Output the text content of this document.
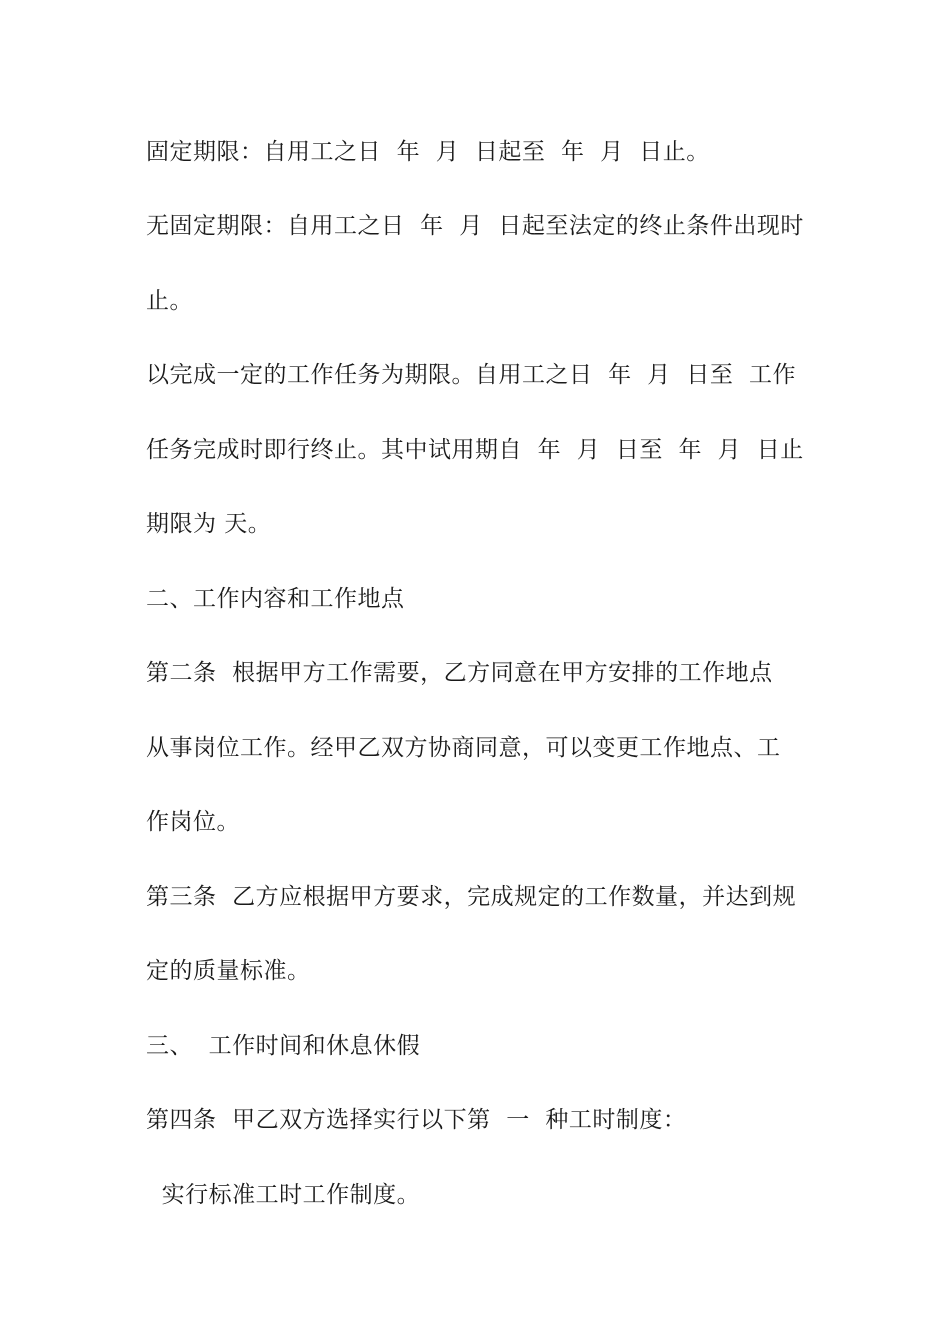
固定期限：自用工之日  年  月  日起至  年  月  日止。
无固定期限：自用工之日  年  月  日起至法定的终止条件出现时
止。
以完成一定的工作任务为期限。自用工之日  年  月  日至  工作
任务完成时即行终止。其中试用期自  年  月  日至  年  月  日止
期限为 天。
二、工作内容和工作地点
第二条  根据甲方工作需要，乙方同意在甲方安排的工作地点
从事岗位工作。经甲乙双方协商同意，可以变更工作地点、工
作岗位。
第三条  乙方应根据甲方要求，完成规定的工作数量，并达到规
定的质量标准。
三、  工作时间和休息休假
第四条  甲乙双方选择实行以下第  一  种工时制度：
实行标准工时工作制度。
